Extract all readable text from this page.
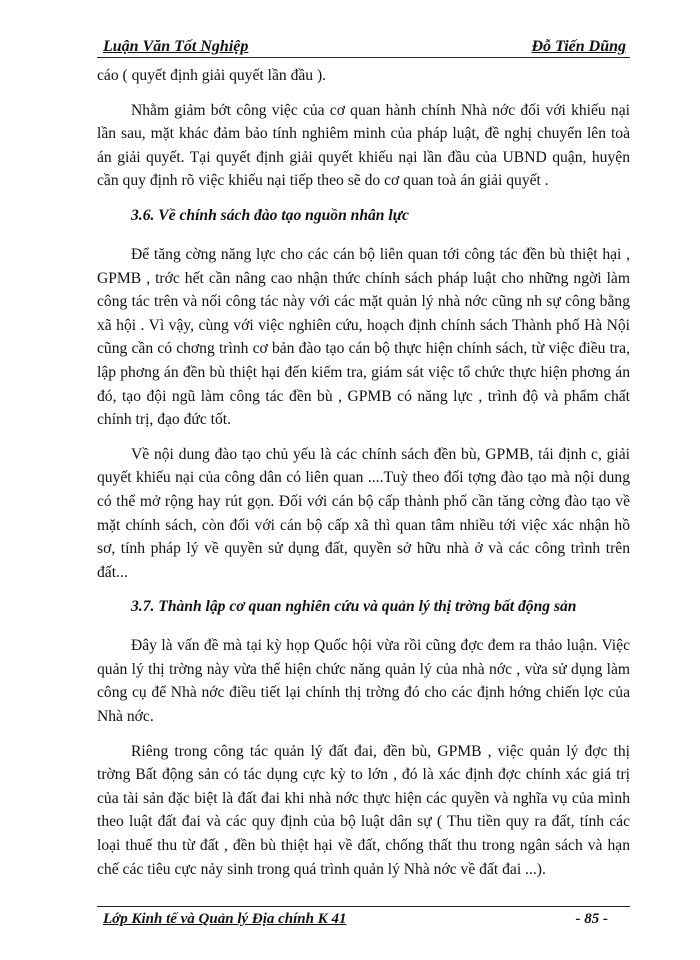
Luận Văn Tốt Nghiệp	Đỗ Tiến Dũng

cáo ( quyết định giải quyết lần đầu ).

Nhằm giảm bớt công việc của cơ quan hành chính Nhà nớc đối với khiếu nại lần sau, mặt khác đảm bảo tính nghiêm minh của pháp luật, đề nghị chuyển lên toà án giải quyết. Tại quyết định giải quyết khiếu nại lần đầu của UBND quận, huyện cần quy định rõ việc khiếu nại tiếp theo sẽ do cơ quan toà án giải quyết .

3.6. Về chính sách đào tạo nguồn nhân lực

Để tăng cờng năng lực cho các cán bộ liên quan tới công tác đền bù thiệt hại , GPMB , trớc hết cần nâng cao nhận thức chính sách pháp luật cho những ngời làm công tác trên và nối công tác này với các mặt quản lý nhà nớc cũng nh sự công bằng xã hội . Vì vậy, cùng với việc nghiên cứu, hoạch định chính sách Thành phố Hà Nội cũng cần có chơng trình cơ bản đào tạo cán bộ thực hiện chính sách, từ việc điều tra, lập phơng án đền bù thiệt hại đến kiểm tra, giám sát việc tổ chức thực hiện phơng án đó, tạo đội ngũ làm công tác đền bù , GPMB có năng lực , trình độ và phẩm chất chính trị, đạo đức tốt.

Về nội dung đào tạo chủ yếu là các chính sách đền bù, GPMB, tái định c, giải quyết khiếu nại của công dân có liên quan ....Tuỳ theo đối tợng đào tạo mà nội dung có thể mở rộng hay rút gọn. Đối với cán bộ cấp thành phố cần tăng cờng đào tạo về mặt chính sách, còn đối với cán bộ cấp xã thì quan tâm nhiều tới việc xác nhận hồ sơ, tính pháp lý về quyền sử dụng đất, quyền sở hữu nhà ở và các công trình trên đất...

3.7. Thành lập cơ quan nghiên cứu và quản lý thị trờng bất động sản

Đây là vấn đề mà tại kỳ họp Quốc hội vừa rồi cũng đợc đem ra thảo luận. Việc quản lý thị trờng này vừa thể hiện chức năng quản lý của nhà nớc , vừa sử dụng làm công cụ để Nhà nớc điều tiết lại chính thị trờng đó cho các định hớng chiến lợc của Nhà nớc.

Riêng trong công tác quản lý đất đai, đền bù, GPMB , việc quản lý đợc thị trờng Bất động sản có tác dụng cực kỳ to lớn , đó là xác định đợc chính xác giá trị của tài sản đặc biệt là đất đai khi nhà nớc thực hiện các quyền và nghĩa vụ của mình theo luật đất đai và các quy định của bộ luật dân sự ( Thu tiền quy ra đất, tính các loại thuế thu từ đất , đền bù thiệt hại về đất, chống thất thu trong ngân sách và hạn chế các tiêu cực nảy sinh trong quá trình quản lý Nhà nớc về đất đai ...).

Lớp Kinh tế và Quản lý Địa chính K 41	- 85 -
